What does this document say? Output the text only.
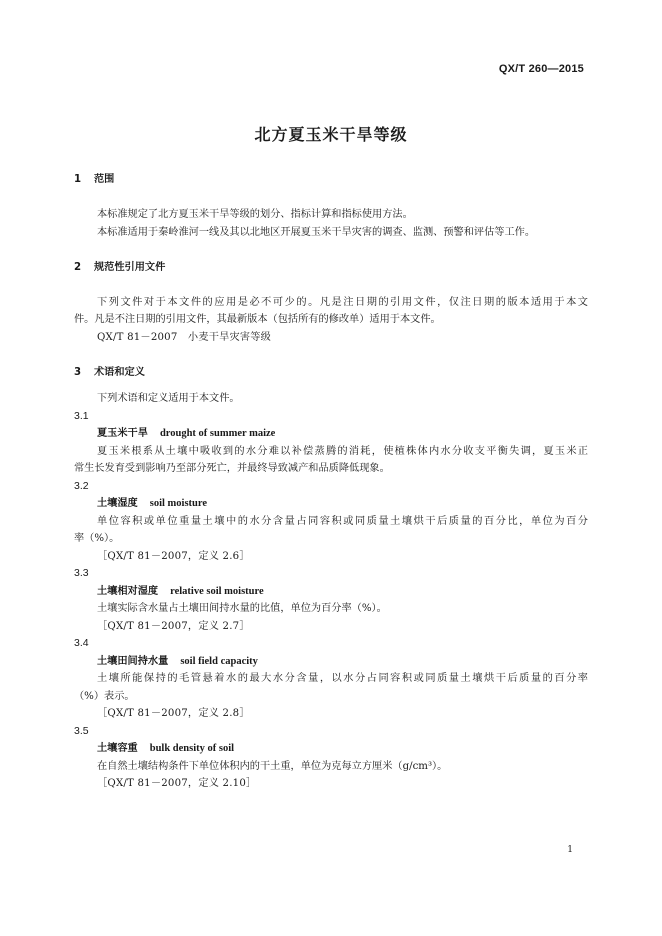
QX/T 260—2015
北方夏玉米干旱等级
1 范围
本标准规定了北方夏玉米干旱等级的划分、指标计算和指标使用方法。
本标准适用于秦岭淮河一线及其以北地区开展夏玉米干旱灾害的调查、监测、预警和评估等工作。
2 规范性引用文件
下列文件对于本文件的应用是必不可少的。凡是注日期的引用文件，仅注日期的版本适用于本文
件。凡是不注日期的引用文件，其最新版本（包括所有的修改单）适用于本文件。
QX/T 81－2007　小麦干旱灾害等级
3 术语和定义
下列术语和定义适用于本文件。
3.1
夏玉米干旱 drought of summer maize
夏玉米根系从土壤中吸收到的水分难以补偿蒸腾的消耗，使植株体内水分收支平衡失调，夏玉米正
常生长发育受到影响乃至部分死亡，并最终导致减产和品质降低现象。
3.2
土壤湿度 soil moisture
单位容积或单位重量土壤中的水分含量占同容积或同质量土壤烘干后质量的百分比，单位为百分
率（%）。
［QX/T 81－2007，定义 2.6］
3.3
土壤相对湿度 relative soil moisture
土壤实际含水量占土壤田间持水量的比值，单位为百分率（%）。
［QX/T 81－2007，定义 2.7］
3.4
土壤田间持水量 soil field capacity
土壤所能保持的毛管悬着水的最大水分含量，以水分占同容积或同质量土壤烘干后质量的百分率
（%）表示。
［QX/T 81－2007，定义 2.8］
3.5
土壤容重 bulk density of soil
在自然土壤结构条件下单位体积内的干土重，单位为克每立方厘米（g/cm³）。
［QX/T 81－2007，定义 2.10］
1
